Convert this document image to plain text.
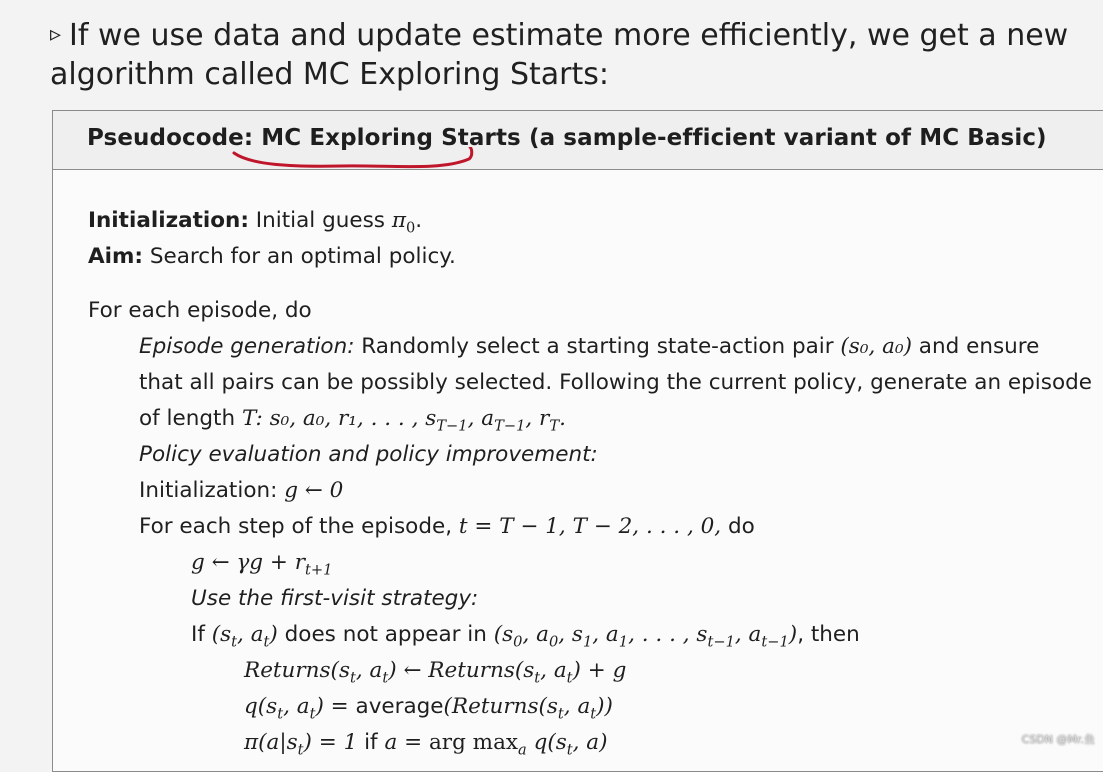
▹ If we use data and update estimate more efficiently, we get a new
algorithm called MC Exploring Starts:
Pseudocode: MC Exploring Starts (a sample-efficient variant of MC Basic)
Initialization: Initial guess $\pi_0$.
Aim: Search for an optimal policy.
For each episode, do
Episode generation: Randomly select a starting state-action pair (s₀, a₀) and ensure
that all pairs can be possibly selected. Following the current policy, generate an episode
of length T: s₀, a₀, r₁, . . . , $s_{T-1}$, $a_{T-1}$, $r_T$.
Policy evaluation and policy improvement:
Initialization: g ← 0
For each step of the episode, t = T − 1, T − 2, . . . , 0, do
g ← $\gamma g + r_{t+1}$
Use the first-visit strategy:
If ($s_t$, $a_t$) does not appear in ($s_0$, $a_0$, $s_1$, $a_1$, . . . , $s_{t-1}$, $a_{t-1}$), then
$Returns(s_t$, $a_t$) ← $Returns(s_t$, $a_t) + g$
$q(s_t$, $a_t$) = $average(Returns(s_t$, $a_t$))
$\pi(a|s_t) = 1$ if a = arg $\max_a q(s_t$, a)	CSDN @Mr.鱼
